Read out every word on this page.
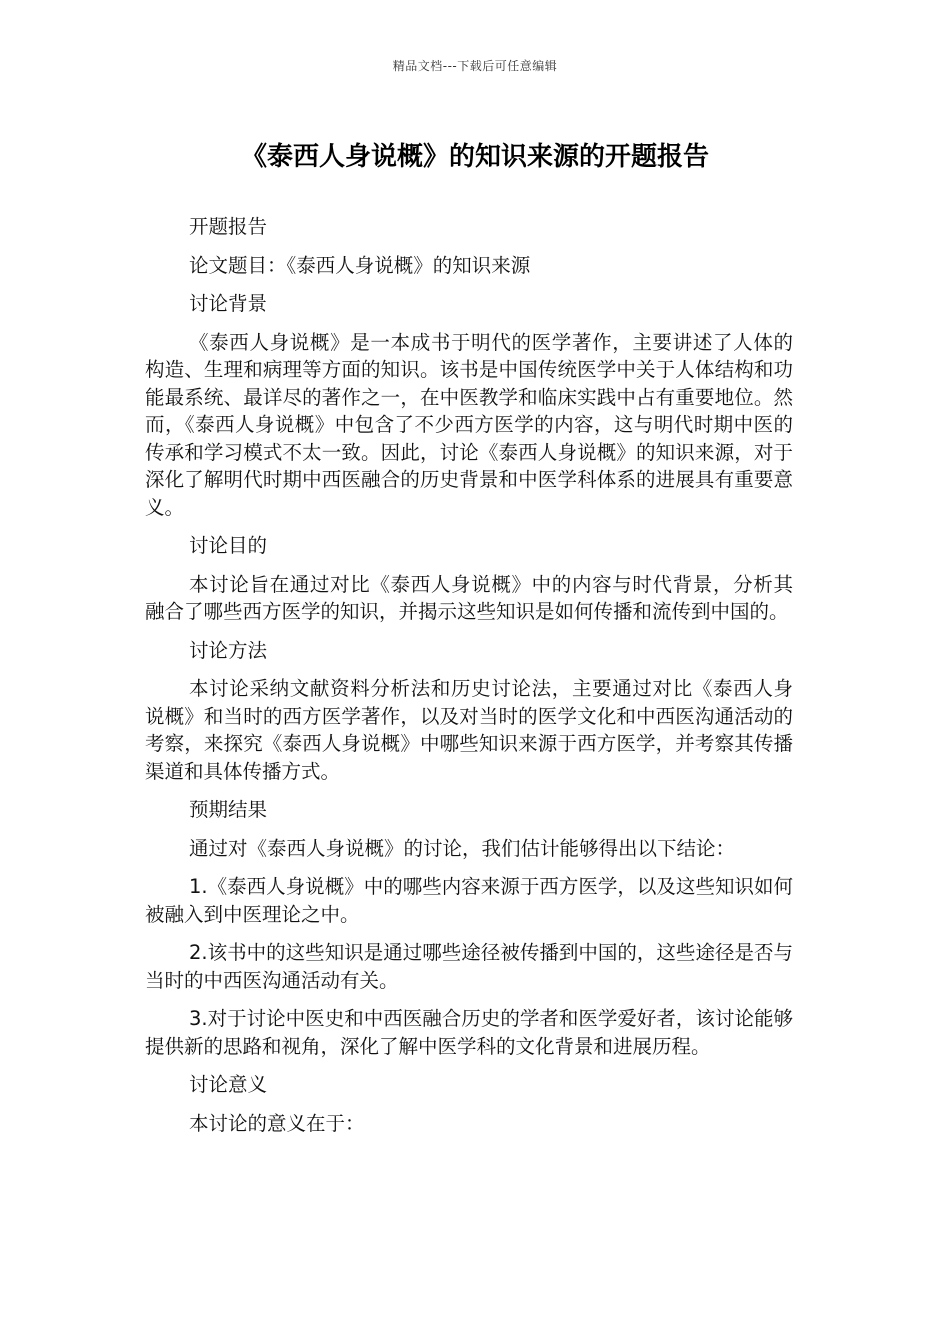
精品文档---下载后可任意编辑
《泰西人身说概》的知识来源的开题报告

开题报告

论文题目：《泰西人身说概》的知识来源

讨论背景

《泰西人身说概》是一本成书于明代的医学著作，主要讲述了人体的构造、生理和病理等方面的知识。该书是中国传统医学中关于人体结构和功能最系统、最详尽的著作之一，在中医教学和临床实践中占有重要地位。然而，《泰西人身说概》中包含了不少西方医学的内容，这与明代时期中医的传承和学习模式不太一致。因此，讨论《泰西人身说概》的知识来源，对于深化了解明代时期中西医融合的历史背景和中医学科体系的进展具有重要意义。

讨论目的

本讨论旨在通过对比《泰西人身说概》中的内容与时代背景，分析其融合了哪些西方医学的知识，并揭示这些知识是如何传播和流传到中国的。

讨论方法

本讨论采纳文献资料分析法和历史讨论法，主要通过对比《泰西人身说概》和当时的西方医学著作，以及对当时的医学文化和中西医沟通活动的考察，来探究《泰西人身说概》中哪些知识来源于西方医学，并考察其传播渠道和具体传播方式。

预期结果

通过对《泰西人身说概》的讨论，我们估计能够得出以下结论：

1.《泰西人身说概》中的哪些内容来源于西方医学，以及这些知识如何被融入到中医理论之中。

2.该书中的这些知识是通过哪些途径被传播到中国的，这些途径是否与当时的中西医沟通活动有关。

3.对于讨论中医史和中西医融合历史的学者和医学爱好者，该讨论能够提供新的思路和视角，深化了解中医学科的文化背景和进展历程。

讨论意义

本讨论的意义在于：
